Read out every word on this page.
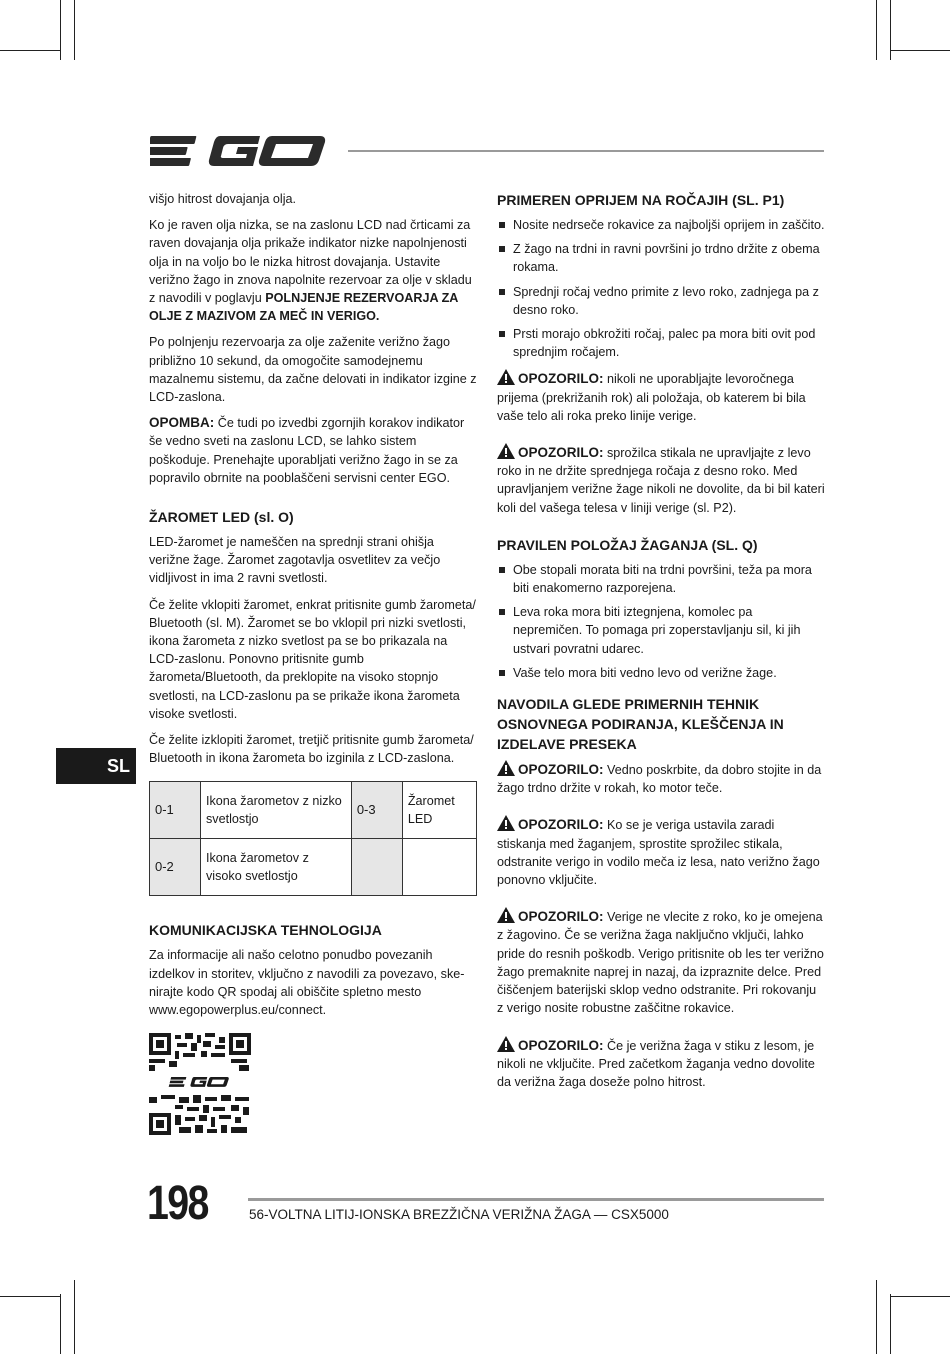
SL

višjo hitrost dovajanja olja.

Ko je raven olja nizka, se na zaslonu LCD nad črticami za raven dovajanja olja prikaže indikator nizke napolnjenosti olja in na voljo bo le nizka hitrost dovajanja. Ustavite verižno žago in znova napolnite rezervoar za olje v skladu z navodili v poglavju POLNJENJE REZERVOARJA ZA OLJE Z MAZIVOM ZA MEČ IN VERIGO.

Po polnjenju rezervoarja za olje zaženite verižno žago približno 10 sekund, da omogočite samodejnemu mazalnemu sistemu, da začne delovati in indikator izgine z LCD-zaslona.

OPOMBA: Če tudi po izvedbi zgornjih korakov indikator še vedno sveti na zaslonu LCD, se lahko sistem poškoduje. Prenehajte uporabljati verižno žago in se za popravilo obrnite na pooblaščeni servisni center EGO.

ŽAROMET LED (sl. O)

LED-žaromet je nameščen na sprednji strani ohišja verižne žage. Žaromet zagotavlja osvetlitev za večjo vidljivost in ima 2 ravni svetlosti.

Če želite vklopiti žaromet, enkrat pritisnite gumb žarometa/ Bluetooth (sl. M). Žaromet se bo vklopil pri nizki svetlosti, ikona žarometa z nizko svetlost pa se bo prikazala na LCD-zaslonu. Ponovno pritisnite gumb žarometa/Bluetooth, da preklopite na visoko stopnjo svetlosti, na LCD-zaslonu pa se prikaže ikona žarometa visoke svetlosti.

Če želite izklopiti žaromet, tretjič pritisnite gumb žarometa/ Bluetooth in ikona žarometa bo izginila z LCD-zaslona.

0-1	Ikona žarometov z nizko svetlostjo	0-3	Žaromet LED
0-2	Ikona žarometov z visoko svetlostjo		
KOMUNIKACIJSKA TEHNOLOGIJA

Za informacije ali našo celotno ponudbo povezanih izdelkov in storitev, vključno z navodili za povezavo, ske- nirajte kodo QR spodaj ali obiščite spletno mesto www.egopowerplus.eu/connect.

PRIMEREN OPRIJEM NA ROČAJIH (SL. P1)
Nosite nedrseče rokavice za najboljši oprijem in zaščito.
Z žago na trdni in ravni površini jo trdno držite z obema rokama.
Sprednji ročaj vedno primite z levo roko, zadnjega pa z desno roko.
Prsti morajo obkrožiti ročaj, palec pa mora biti ovit pod sprednjim ročajem.

OPOZORILO: nikoli ne uporabljajte levoročnega prijema (prekrižanih rok) ali položaja, ob katerem bi bila vaše telo ali roka preko linije verige.

OPOZORILO: sprožilca stikala ne upravljajte z levo roko in ne držite sprednjega ročaja z desno roko. Med upravljanjem verižne žage nikoli ne dovolite, da bi bil kateri koli del vašega telesa v liniji verige (sl. P2).

PRAVILEN POLOŽAJ ŽAGANJA (SL. Q)
Obe stopali morata biti na trdni površini, teža pa mora biti enakomerno razporejena.
Leva roka mora biti iztegnjena, komolec pa nepremičen. To pomaga pri zoperstavljanju sil, ki jih ustvari povratni udarec.
Vaše telo mora biti vedno levo od verižne žage.
NAVODILA GLEDE PRIMERNIH TEHNIK OSNOVNEGA PODIRANJA, KLEŠČENJA IN IZDELAVE PRESEKA

OPOZORILO: Vedno poskrbite, da dobro stojite in da žago trdno držite v rokah, ko motor teče.

OPOZORILO: Ko se je veriga ustavila zaradi stiskanja med žaganjem, sprostite sprožilec stikala, odstranite verigo in vodilo meča iz lesa, nato verižno žago ponovno vključite.

OPOZORILO: Verige ne vlecite z roko, ko je omejena z žagovino. Če se verižna žaga naključno vključi, lahko pride do resnih poškodb. Verigo pritisnite ob les ter verižno žago premaknite naprej in nazaj, da izpraznite delce. Pred čiščenjem baterijski sklop vedno odstranite. Pri rokovanju z verigo nosite robustne zaščitne rokavice.

OPOZORILO: Če je verižna žaga v stiku z lesom, je nikoli ne vključite. Pred začetkom žaganja vedno dovolite da verižna žaga doseže polno hitrost.

198	56-VOLTNA LITIJ-IONSKA BREZŽIČNA VERIŽNA ŽAGA — CSX5000
